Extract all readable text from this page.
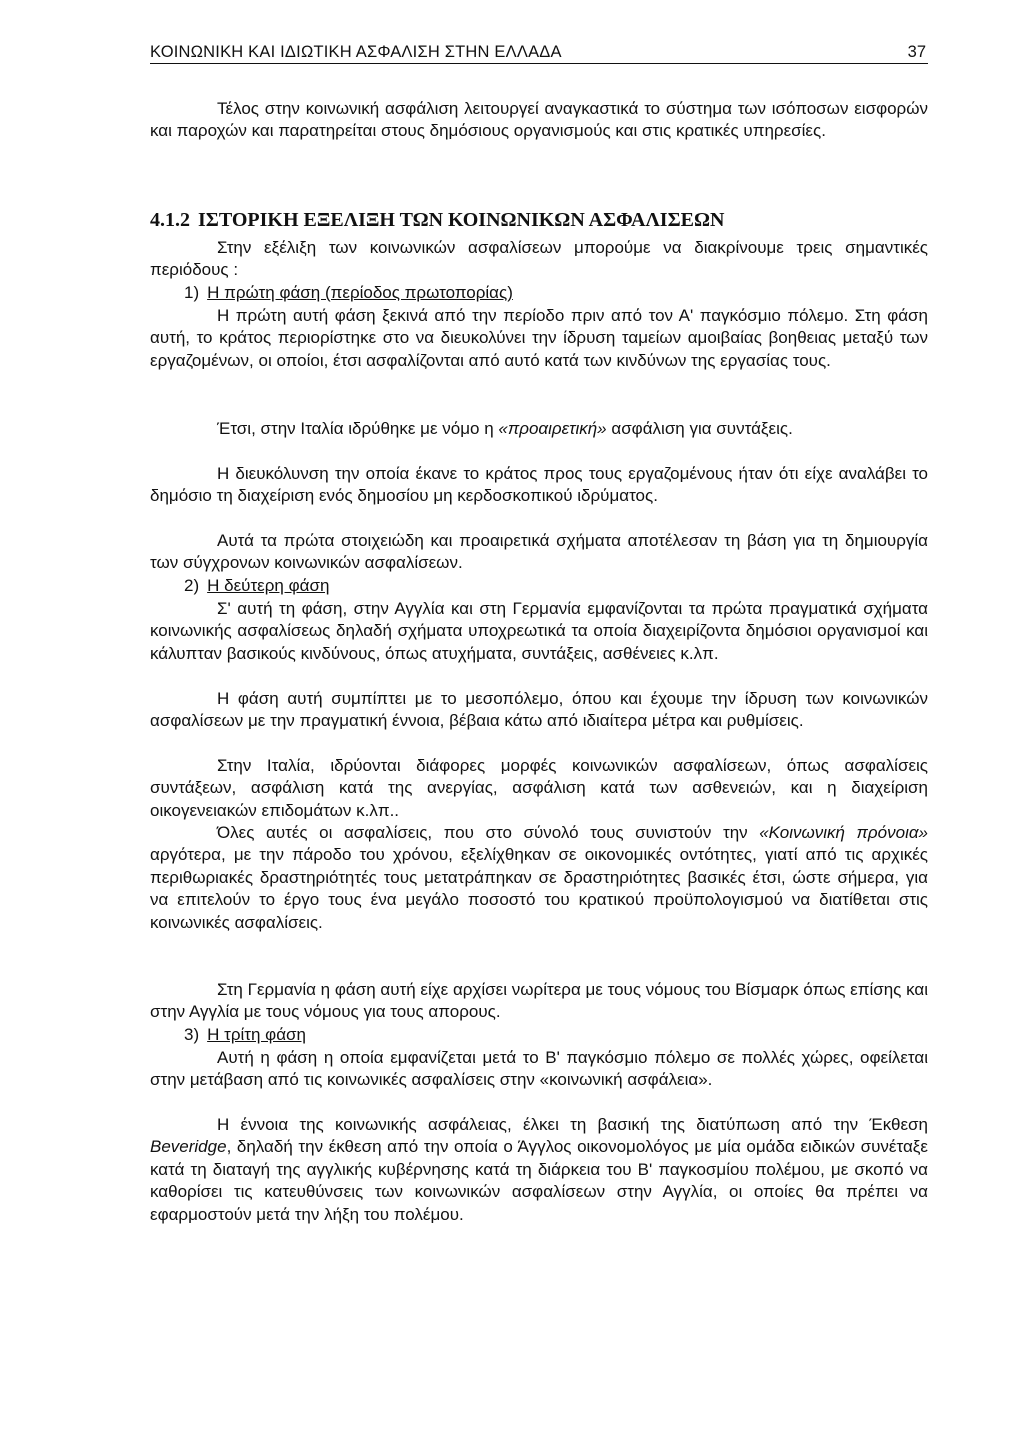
ΚΟΙΝΩΝΙΚΗ ΚΑΙ ΙΔΙΩΤΙΚΗ ΑΣΦΑΛΙΣΗ ΣΤΗΝ ΕΛΛΑΔΑ	37

Τέλος στην κοινωνική ασφάλιση λειτουργεί αναγκαστικά το σύστημα των ισόποσων εισφορών και παροχών και παρατηρείται στους δημόσιους οργανισμούς και στις κρατικές υπηρεσίες.

4.1.2 ΙΣΤΟΡΙΚΗ ΕΞΕΛΙΞΗ ΤΩΝ ΚΟΙΝΩΝΙΚΩΝ ΑΣΦΑΛΙΣΕΩΝ

Στην εξέλιξη των κοινωνικών ασφαλίσεων μπορούμε να διακρίνουμε τρεις σημαντικές περιόδους :

1) Η πρώτη φάση (περίοδος πρωτοπορίας)

Η πρώτη αυτή φάση ξεκινά από την περίοδο πριν από τον Α' παγκόσμιο πόλεμο. Στη φάση αυτή, το κράτος περιορίστηκε στο να διευκολύνει την ίδρυση ταμείων αμοιβαίας βοηθειας μεταξύ των εργαζομένων, οι οποίοι, έτσι ασφαλίζονται από αυτό κατά των κινδύνων της εργασίας τους.

Έτσι, στην Ιταλία ιδρύθηκε με νόμο η «προαιρετική» ασφάλιση για συντάξεις.

Η διευκόλυνση την οποία έκανε το κράτος προς τους εργαζομένους ήταν ότι είχε αναλάβει το δημόσιο τη διαχείριση ενός δημοσίου μη κερδοσκοπικού ιδρύματος.

Αυτά τα πρώτα στοιχειώδη και προαιρετικά σχήματα αποτέλεσαν τη βάση για τη δημιουργία των σύγχρονων κοινωνικών ασφαλίσεων.

2) Η δεύτερη φάση

Σ' αυτή τη φάση, στην Αγγλία και στη Γερμανία εμφανίζονται τα πρώτα πραγματικά σχήματα κοινωνικής ασφαλίσεως δηλαδή σχήματα υποχρεωτικά τα οποία διαχειρίζοντα δημόσιοι οργανισμοί και κάλυπταν βασικούς κινδύνους, όπως ατυχήματα, συντάξεις, ασθένειες κ.λπ.

Η φάση αυτή συμπίπτει με το μεσοπόλεμο, όπου και έχουμε την ίδρυση των κοινωνικών ασφαλίσεων με την πραγματική έννοια, βέβαια κάτω από ιδιαίτερα μέτρα και ρυθμίσεις.

Στην Ιταλία, ιδρύονται διάφορες μορφές κοινωνικών ασφαλίσεων, όπως ασφαλίσεις συντάξεων, ασφάλιση κατά της ανεργίας, ασφάλιση κατά των ασθενειών, και η διαχείριση οικογενειακών επιδομάτων κ.λπ..

Όλες αυτές οι ασφαλίσεις, που στο σύνολό τους συνιστούν την «Κοινωνική πρόνοια» αργότερα, με την πάροδο του χρόνου, εξελίχθηκαν σε οικονομικές οντότητες, γιατί από τις αρχικές περιθωριακές δραστηριότητές τους μετατράπηκαν σε δραστηριότητες βασικές έτσι, ώστε σήμερα, για να επιτελούν το έργο τους ένα μεγάλο ποσοστό του κρατικού προϋπολογισμού να διατίθεται στις κοινωνικές ασφαλίσεις.

Στη Γερμανία η φάση αυτή είχε αρχίσει νωρίτερα με τους νόμους του Βίσμαρκ όπως επίσης και στην Αγγλία με τους νόμους για τους απορους.

3) Η τρίτη φάση

Αυτή η φάση η οποία εμφανίζεται μετά το Β' παγκόσμιο πόλεμο σε πολλές χώρες, οφείλεται στην μετάβαση από τις κοινωνικές ασφαλίσεις στην «κοινωνική ασφάλεια».

Η έννοια της κοινωνικής ασφάλειας, έλκει τη βασική της διατύπωση από την Έκθεση Beveridge, δηλαδή την έκθεση από την οποία ο Άγγλος οικονομολόγος με μία ομάδα ειδικών συνέταξε κατά τη διαταγή της αγγλικής κυβέρνησης κατά τη διάρκεια του Β' παγκοσμίου πολέμου, με σκοπό να καθορίσει τις κατευθύνσεις των κοινωνικών ασφαλίσεων στην Αγγλία, οι οποίες θα πρέπει να εφαρμοστούν μετά την λήξη του πολέμου.
